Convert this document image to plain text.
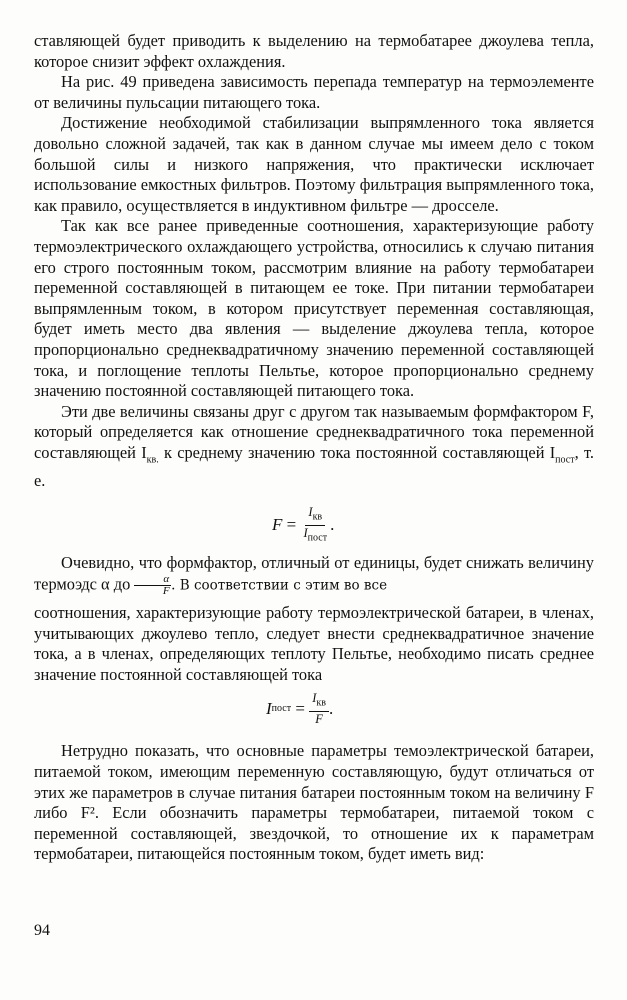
ставляющей будет приводить к выделению на термобатарее джоулева тепла, которое снизит эффект охлаждения.

На рис. 49 приведена зависимость перепада температур на термоэлементе от величины пульсации питающего тока.

Достижение необходимой стабилизации выпрямленного тока является довольно сложной задачей, так как в данном случае мы имеем дело с током большой силы и низкого напряжения, что практически исключает использование емкостных фильтров. Поэтому фильтрация выпрямленного тока, как правило, осуществляется в индуктивном фильтре — дросселе.

Так как все ранее приведенные соотношения, характеризующие работу термоэлектрического охлаждающего устройства, относились к случаю питания его строго постоянным током, рассмотрим влияние на работу термобатареи переменной составляющей в питающем ее токе. При питании термобатареи выпрямленным током, в котором присутствует переменная составляющая, будет иметь место два явления — выделение джоулева тепла, которое пропорционально среднеквадратичному значению переменной составляющей тока, и поглощение теплоты Пельтье, которое пропорционально среднему значению постоянной составляющей питающего тока.

Эти две величины связаны друг с другом так называемым формфактором F, который определяется как отношение среднеквадратичного тока переменной составляющей $I_{кв.}$ к среднему значению тока постоянной составляющей $I_{пост}$, т. е.

F
=
$\frac{I_{кв}}{I_{пост}}$ .

Очевидно, что формфактор, отличный от единицы, будет снижать величину термоэдс α до $\frac{\alpha}{F}$ . В соответствии с этим во все

соотношения, характеризующие работу термоэлектрической батареи, в членах, учитывающих джоулево тепло, следует внести среднеквадратичное значение тока, а в членах, определяющих теплоту Пельтье, необходимо писать среднее значение постоянной составляющей тока

I пост
=
$\frac{I_{кв}}{F}$ .

Нетрудно показать, что основные параметры темоэлектрической батареи, питаемой током, имеющим переменную составляющую, будут отличаться от этих же параметров в случае питания батареи постоянным током на величину F либо F². Если обозначить параметры термобатареи, питаемой током с переменной составляющей, звездочкой, то отношение их к параметрам термобатареи, питающейся постоянным током, будет иметь вид:

94
